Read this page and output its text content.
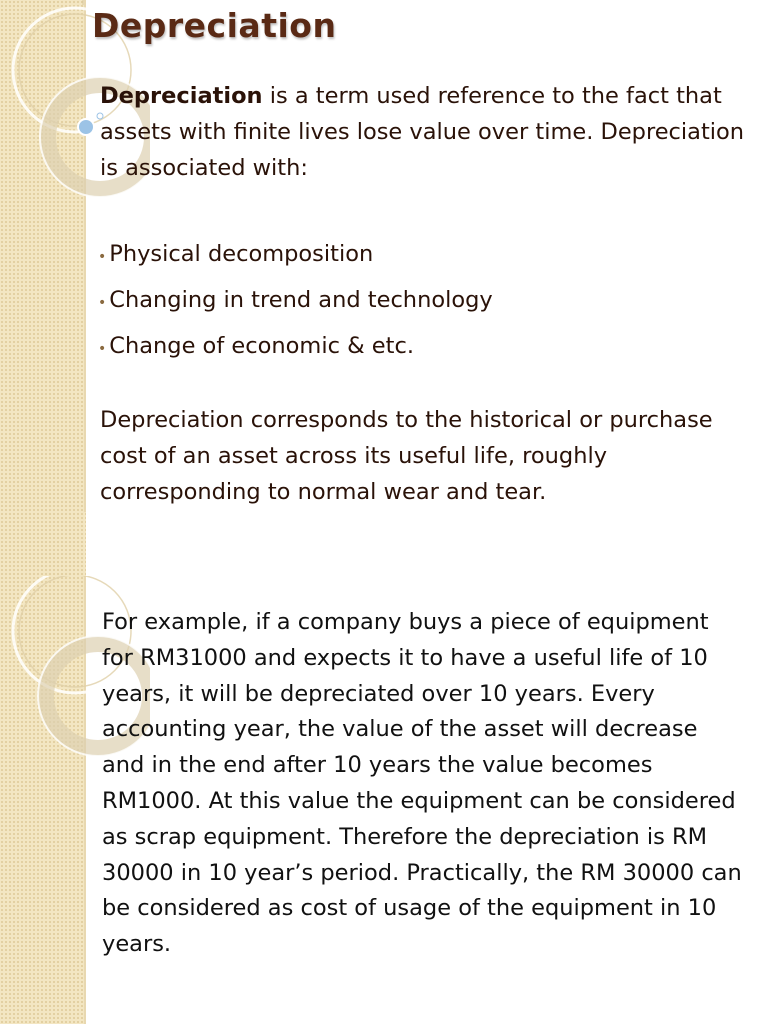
Depreciation

Depreciation is a term used reference to the fact that assets with finite lives lose value over time. Depreciation is associated with:

• Physical decomposition
• Changing in trend and technology
• Change of economic & etc.

Depreciation corresponds to the historical or purchase cost of an asset across its useful life, roughly corresponding to normal wear and tear.

For example, if a company buys a piece of equipment for RM31000 and expects it to have a useful life of 10 years, it will be depreciated over 10 years. Every accounting year, the value of the asset will decrease and in the end after 10 years the value becomes RM1000. At this value the equipment can be considered as scrap equipment. Therefore the depreciation is RM 30000 in 10 year’s period. Practically, the RM 30000 can be considered as cost of usage of the equipment in 10 years.
